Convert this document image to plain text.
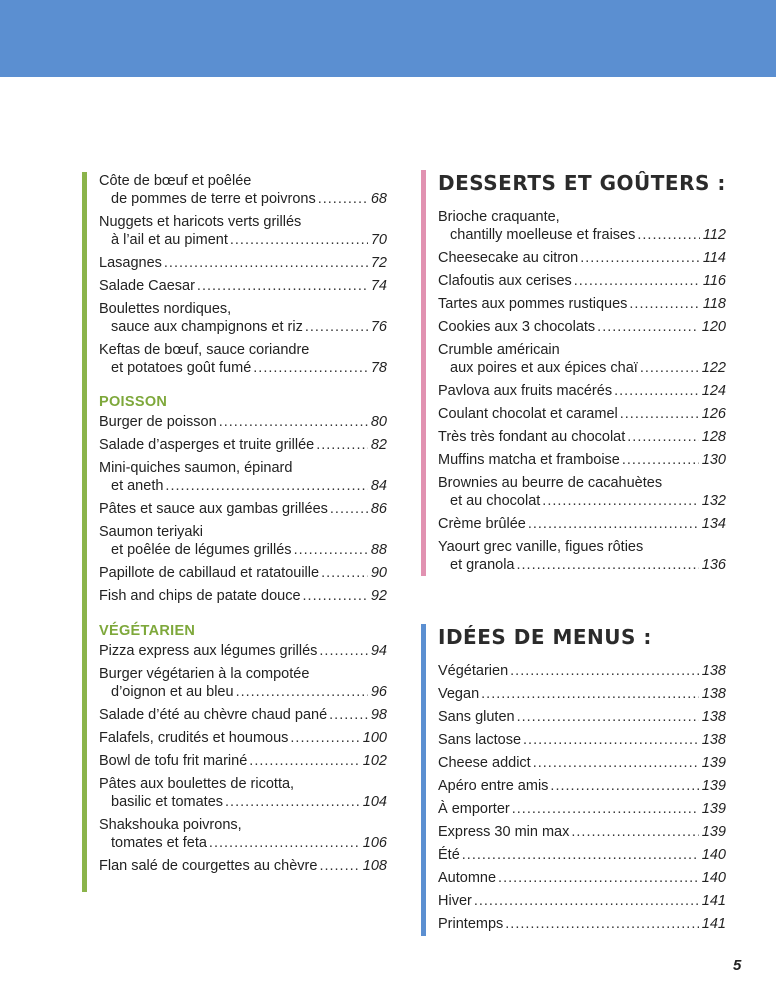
Côte de bœuf et poêlée
de pommes de terre et poivrons .....	68
Nuggets et haricots verts grillés
à l’ail et au piment .....	70
Lasagnes .....	72
Salade Caesar .....	74
Boulettes nordiques,
sauce aux champignons et riz .....	76
Keftas de bœuf, sauce coriandre
et potatoes goût fumé .....	78
POISSON
Burger de poisson .....	80
Salade d’asperges et truite grillée .....	82
Mini-quiches saumon, épinard
et aneth .....	84
Pâtes et sauce aux gambas grillées .....	86
Saumon teriyaki
et poêlée de légumes grillés .....	88
Papillote de cabillaud et ratatouille .....	90
Fish and chips de patate douce .....	92
VÉGÉTARIEN
Pizza express aux légumes grillés .....	94
Burger végétarien à la compotée
d’oignon et au bleu .....	96
Salade d’été au chèvre chaud pané .....	98
Falafels, crudités et houmous .....	100
Bowl de tofu frit mariné .....	102
Pâtes aux boulettes de ricotta,
basilic et tomates .....	104
Shakshouka poivrons,
tomates et feta .....	106
Flan salé de courgettes au chèvre .....	108
DESSERTS ET GOÛTERS :
Brioche craquante,
chantilly moelleuse et fraises .....	112
Cheesecake au citron .....	114
Clafoutis aux cerises .....	116
Tartes aux pommes rustiques .....	118
Cookies aux 3 chocolats .....	120
Crumble américain
aux poires et aux épices chaï .....	122
Pavlova aux fruits macérés .....	124
Coulant chocolat et caramel .....	126
Très très fondant au chocolat .....	128
Muffins matcha et framboise .....	130
Brownies au beurre de cacahuètes
et au chocolat .....	132
Crème brûlée .....	134
Yaourt grec vanille, figues rôties
et granola .....	136
IDÉES DE MENUS :
Végétarien .....	138
Vegan .....	138
Sans gluten .....	138
Sans lactose .....	138
Cheese addict .....	139
Apéro entre amis .....	139
À emporter .....	139
Express 30 min max .....	139
Été .....	140
Automne .....	140
Hiver .....	141
Printemps .....	141
5
